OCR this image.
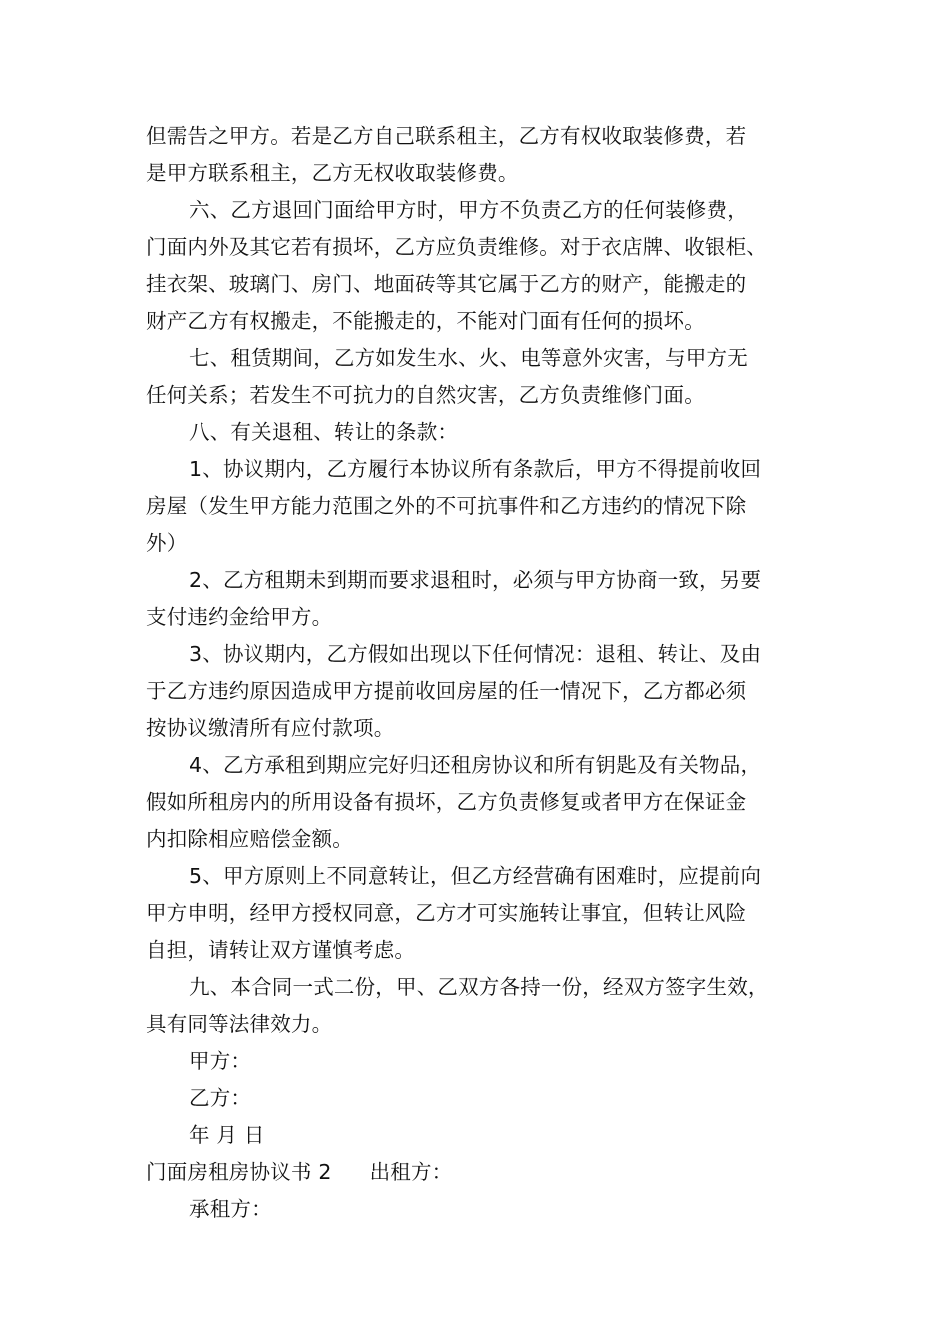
但需告之甲方。若是乙方自己联系租主，乙方有权收取装修费，若
是甲方联系租主，乙方无权收取装修费。
六、乙方退回门面给甲方时，甲方不负责乙方的任何装修费，
门面内外及其它若有损坏，乙方应负责维修。对于衣店牌、收银柜、
挂衣架、玻璃门、房门、地面砖等其它属于乙方的财产，能搬走的
财产乙方有权搬走，不能搬走的，不能对门面有任何的损坏。
七、租赁期间，乙方如发生水、火、电等意外灾害，与甲方无
任何关系；若发生不可抗力的自然灾害，乙方负责维修门面。
八、有关退租、转让的条款：
1、协议期内，乙方履行本协议所有条款后，甲方不得提前收回
房屋（发生甲方能力范围之外的不可抗事件和乙方违约的情况下除
外）
2、乙方租期未到期而要求退租时，必须与甲方协商一致，另要
支付违约金给甲方。
3、协议期内，乙方假如出现以下任何情况：退租、转让、及由
于乙方违约原因造成甲方提前收回房屋的任一情况下，乙方都必须
按协议缴清所有应付款项。
4、乙方承租到期应完好归还租房协议和所有钥匙及有关物品，
假如所租房内的所用设备有损坏，乙方负责修复或者甲方在保证金
内扣除相应赔偿金额。
5、甲方原则上不同意转让，但乙方经营确有困难时，应提前向
甲方申明，经甲方授权同意，乙方才可实施转让事宜，但转让风险
自担，请转让双方谨慎考虑。
九、本合同一式二份，甲、乙双方各持一份，经双方签字生效，
具有同等法律效力。
甲方：
乙方：
年 月 日
门面房租房协议书 2 出租方：
承租方：
